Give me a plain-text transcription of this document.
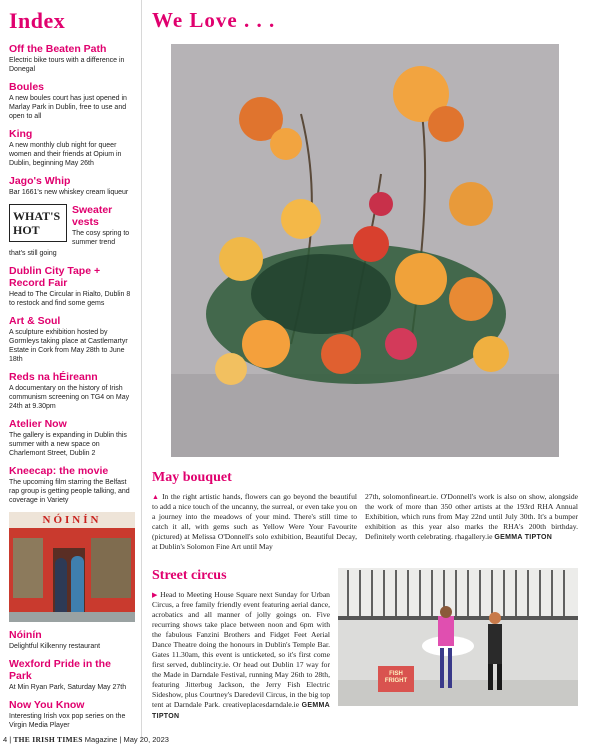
Index
Off the Beaten Path

Electric bike tours with a difference in Donegal

Boules

A new boules court has just opened in Marlay Park in Dublin, free to use and open to all

King

A new monthly club night for queer women and their friends at Opium in Dublin, beginning May 26th

Jago's Whip

Bar 1661's new whiskey cream liqueur

WHAT'S
HOT
Sweater vests

The cosy spring to summer trend

that's still going

Dublin City Tape + Record Fair

Head to The Circular in Rialto, Dublin 8 to restock and find some gems

Art & Soul

A sculpture exhibition hosted by Gormleys taking place at Castlemartyr Estate in Cork from May 28th to June 18th

Reds na hÉireann

A documentary on the history of Irish communism screening on TG4 on May 24th at 9.30pm

Atelier Now

The gallery is expanding in Dublin this summer with a new space on Charlemont Street, Dublin 2

Kneecap: the movie

The upcoming film starring the Belfast rap group is getting people talking, and coverage in Variety

NÓINÍN
Nóinín

Delightful Kilkenny restaurant

Wexford Pride in the Park

At Min Ryan Park, Saturday May 27th

Now You Know

Interesting Irish vox pop series on the Virgin Media Player

We Love . . .
May bouquet

▲ In the right artistic hands, flowers can go beyond the beautiful to add a nice touch of the uncanny, the surreal, or even take you on a journey into the meadows of your mind. There's still time to catch it all, with gems such as Yellow Were Your Favourite (pictured) at Melissa O'Donnell's solo exhibition, Beautiful Decay, at Dublin's Solomon Fine Art until May

27th, solomonfineart.ie. O'Donnell's work is also on show, alongside the work of more than 350 other artists at the 193rd RHA Annual Exhibition, which runs from May 22nd until July 30th. It's a bumper exhibition as this year also marks the RHA's 200th birthday. Definitely worth celebrating. rhagallery.ie GEMMA TIPTON

Street circus

▶ Head to Meeting House Square next Sunday for Urban Circus, a free family friendly event featuring aerial dance, acrobatics and all manner of jolly goings on. Five recurring shows take place between noon and 6pm with the fabulous Fanzini Brothers and Fidget Feet Aerial Dance Theatre doing the honours in Dublin's Temple Bar. Gates 11.30am, this event is unticketed, so it's first come first served, dublincity.ie. Or head out Dublin 17 way for the Made in Darndale Festival, running May 26th to 28th, featuring Jitterbug Jackson, the Jerry Fish Electric Sideshow, plus Courtney's Daredevil Circus, in the big top tent at Darndale Park. creativeplacesdarndale.ie GEMMA TIPTON

FISH FRIGHT
4 | THE IRISH TIMES Magazine | May 20, 2023
